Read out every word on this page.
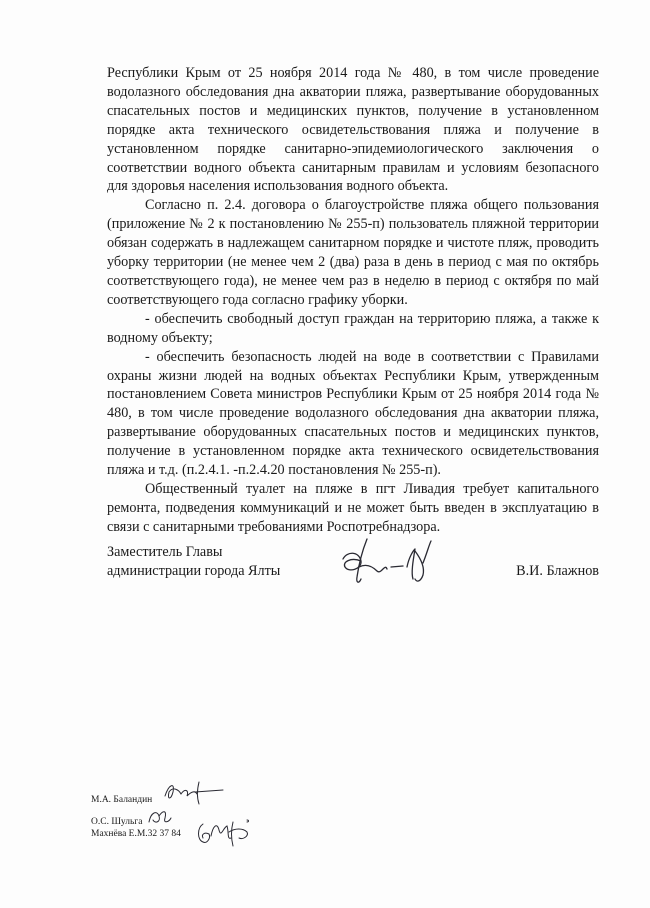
Республики Крым от 25 ноября 2014 года № 480, в том числе проведение водолазного обследования дна акватории пляжа, развертывание оборудованных спасательных постов и медицинских пунктов, получение в установленном порядке акта технического освидетельствования пляжа и получение в установленном порядке санитарно-эпидемиологического заключения о соответствии водного объекта санитарным правилам и условиям безопасного для здоровья населения использования водного объекта.

Согласно п. 2.4. договора о благоустройстве пляжа общего пользования (приложение № 2 к постановлению № 255-п) пользователь пляжной территории обязан содержать в надлежащем санитарном порядке и чистоте пляж, проводить уборку территории (не менее чем 2 (два) раза в день в период с мая по октябрь соответствующего года), не менее чем раз в неделю в период с октября по май соответствующего года согласно графику уборки.

- обеспечить свободный доступ граждан на территорию пляжа, а также к водному объекту;

- обеспечить безопасность людей на воде в соответствии с Правилами охраны жизни людей на водных объектах Республики Крым, утвержденным постановлением Совета министров Республики Крым от 25 ноября 2014 года № 480, в том числе проведение водолазного обследования дна акватории пляжа, развертывание оборудованных спасательных постов и медицинских пунктов, получение в установленном порядке акта технического освидетельствования пляжа и т.д. (п.2.4.1. -п.2.4.20 постановления № 255-п).

Общественный туалет на пляже в пгт Ливадия требует капитального ремонта, подведения коммуникаций и не может быть введен в эксплуатацию в связи с санитарными требованиями Роспотребнадзора.

Заместитель Главы
администрации города Ялты	В.И. Блажнов
М.А. Баландин
О.С. Шульга
Махнёва Е.М.32 37 84
